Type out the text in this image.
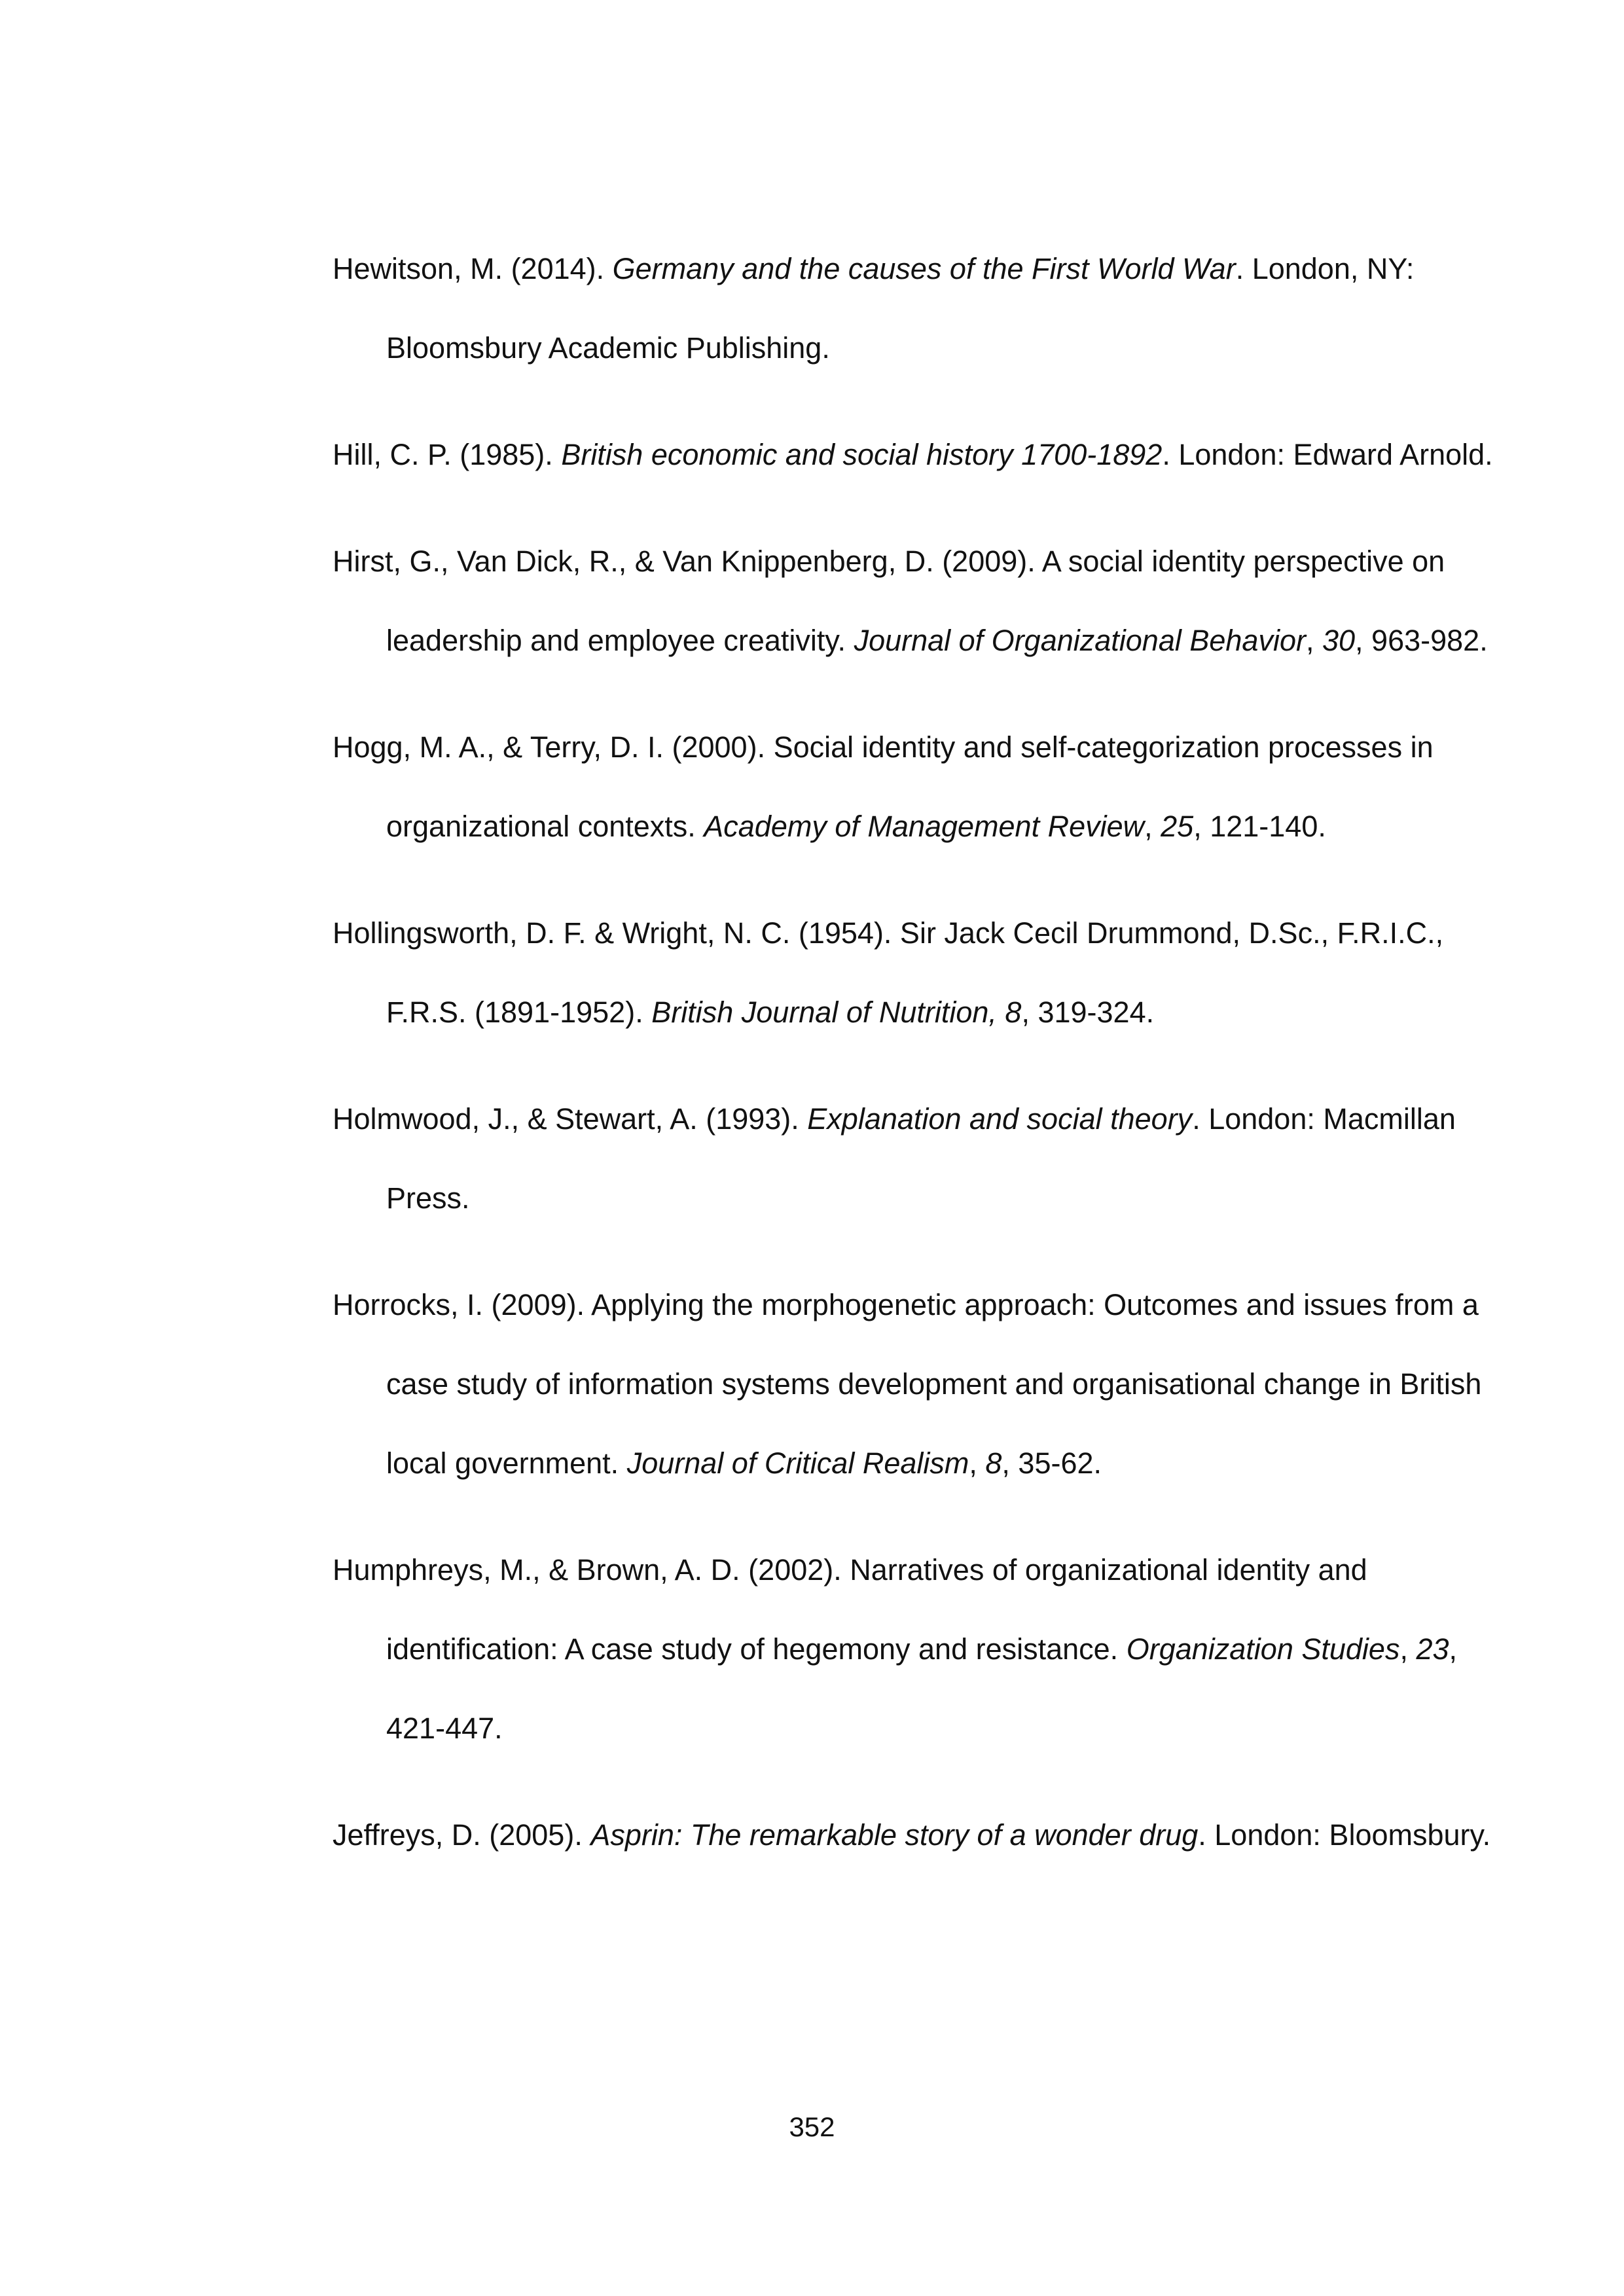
Hewitson, M. (2014). Germany and the causes of the First World War. London, NY: Bloomsbury Academic Publishing.

Hill, C. P. (1985). British economic and social history 1700-1892. London: Edward Arnold.

Hirst, G., Van Dick, R., & Van Knippenberg, D. (2009). A social identity perspective on leadership and employee creativity. Journal of Organizational Behavior, 30, 963-982.

Hogg, M. A., & Terry, D. I. (2000). Social identity and self-categorization processes in organizational contexts. Academy of Management Review, 25, 121-140.

Hollingsworth, D. F. & Wright, N. C. (1954). Sir Jack Cecil Drummond, D.Sc., F.R.I.C., F.R.S. (1891-1952). British Journal of Nutrition, 8, 319-324.

Holmwood, J., & Stewart, A. (1993). Explanation and social theory. London: Macmillan Press.

Horrocks, I. (2009). Applying the morphogenetic approach: Outcomes and issues from a case study of information systems development and organisational change in British local government. Journal of Critical Realism, 8, 35-62.

Humphreys, M., & Brown, A. D. (2002). Narratives of organizational identity and identification: A case study of hegemony and resistance. Organization Studies, 23, 421-447.

Jeffreys, D. (2005). Asprin: The remarkable story of a wonder drug. London: Bloomsbury.

352
